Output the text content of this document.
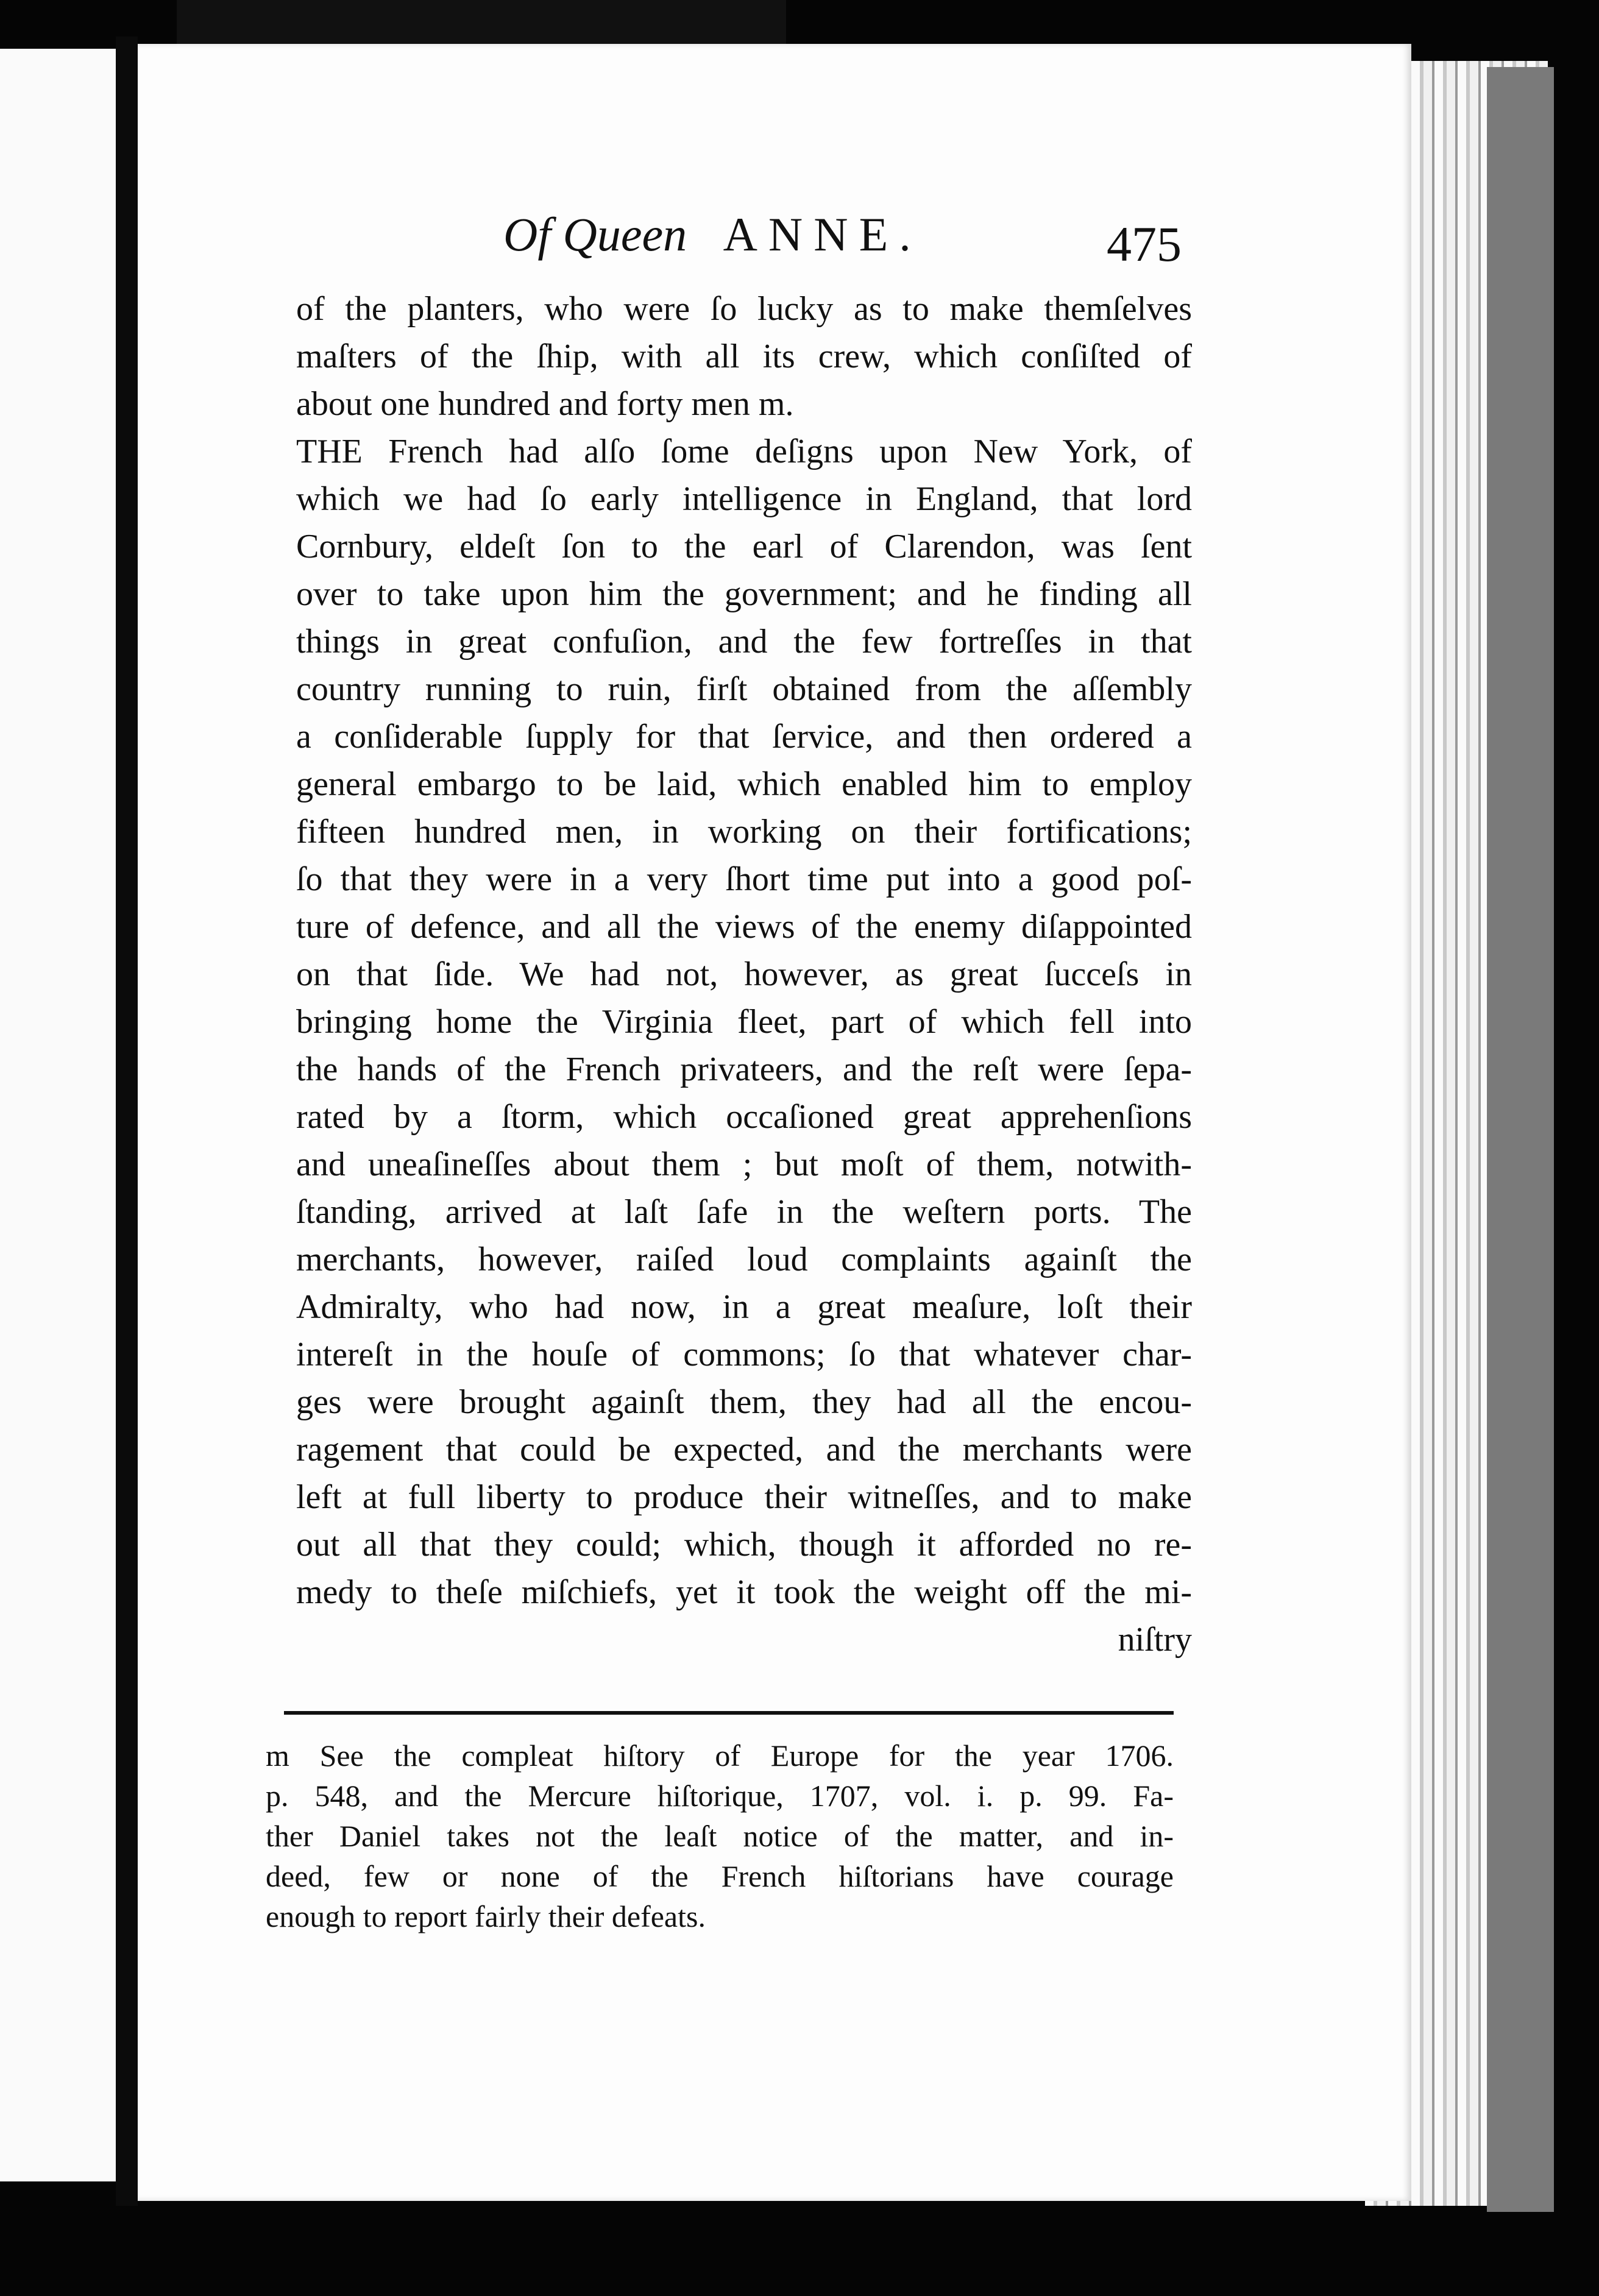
Of Queen ANNE.	475
of the planters, who were ſo lucky as to make themſelves
maſters of the ſhip, with all its crew, which conſiſted of
about one hundred and forty men m.
THE French had alſo ſome deſigns upon New York, of
which we had ſo early intelligence in England, that lord
Cornbury, eldeſt ſon to the earl of Clarendon, was ſent
over to take upon him the government; and he finding all
things in great confuſion, and the few fortreſſes in that
country running to ruin, firſt obtained from the aſſembly
a conſiderable ſupply for that ſervice, and then ordered a
general embargo to be laid, which enabled him to employ
fifteen hundred men, in working on their fortifications;
ſo that they were in a very ſhort time put into a good poſ-
ture of defence, and all the views of the enemy diſappointed
on that ſide. We had not, however, as great ſucceſs in
bringing home the Virginia fleet, part of which fell into
the hands of the French privateers, and the reſt were ſepa-
rated by a ſtorm, which occaſioned great apprehenſions
and uneaſineſſes about them ; but moſt of them, notwith-
ſtanding, arrived at laſt ſafe in the weſtern ports. The
merchants, however, raiſed loud complaints againſt the
Admiralty, who had now, in a great meaſure, loſt their
intereſt in the houſe of commons; ſo that whatever char-
ges were brought againſt them, they had all the encou-
ragement that could be expected, and the merchants were
left at full liberty to produce their witneſſes, and to make
out all that they could; which, though it afforded no re-
medy to theſe miſchiefs, yet it took the weight off the mi-
niſtry
m See the compleat hiſtory of Europe for the year 1706.
p. 548, and the Mercure hiſtorique, 1707, vol. i. p. 99. Fa-
ther Daniel takes not the leaſt notice of the matter, and in-
deed, few or none of the French hiſtorians have courage
enough to report fairly their defeats.
